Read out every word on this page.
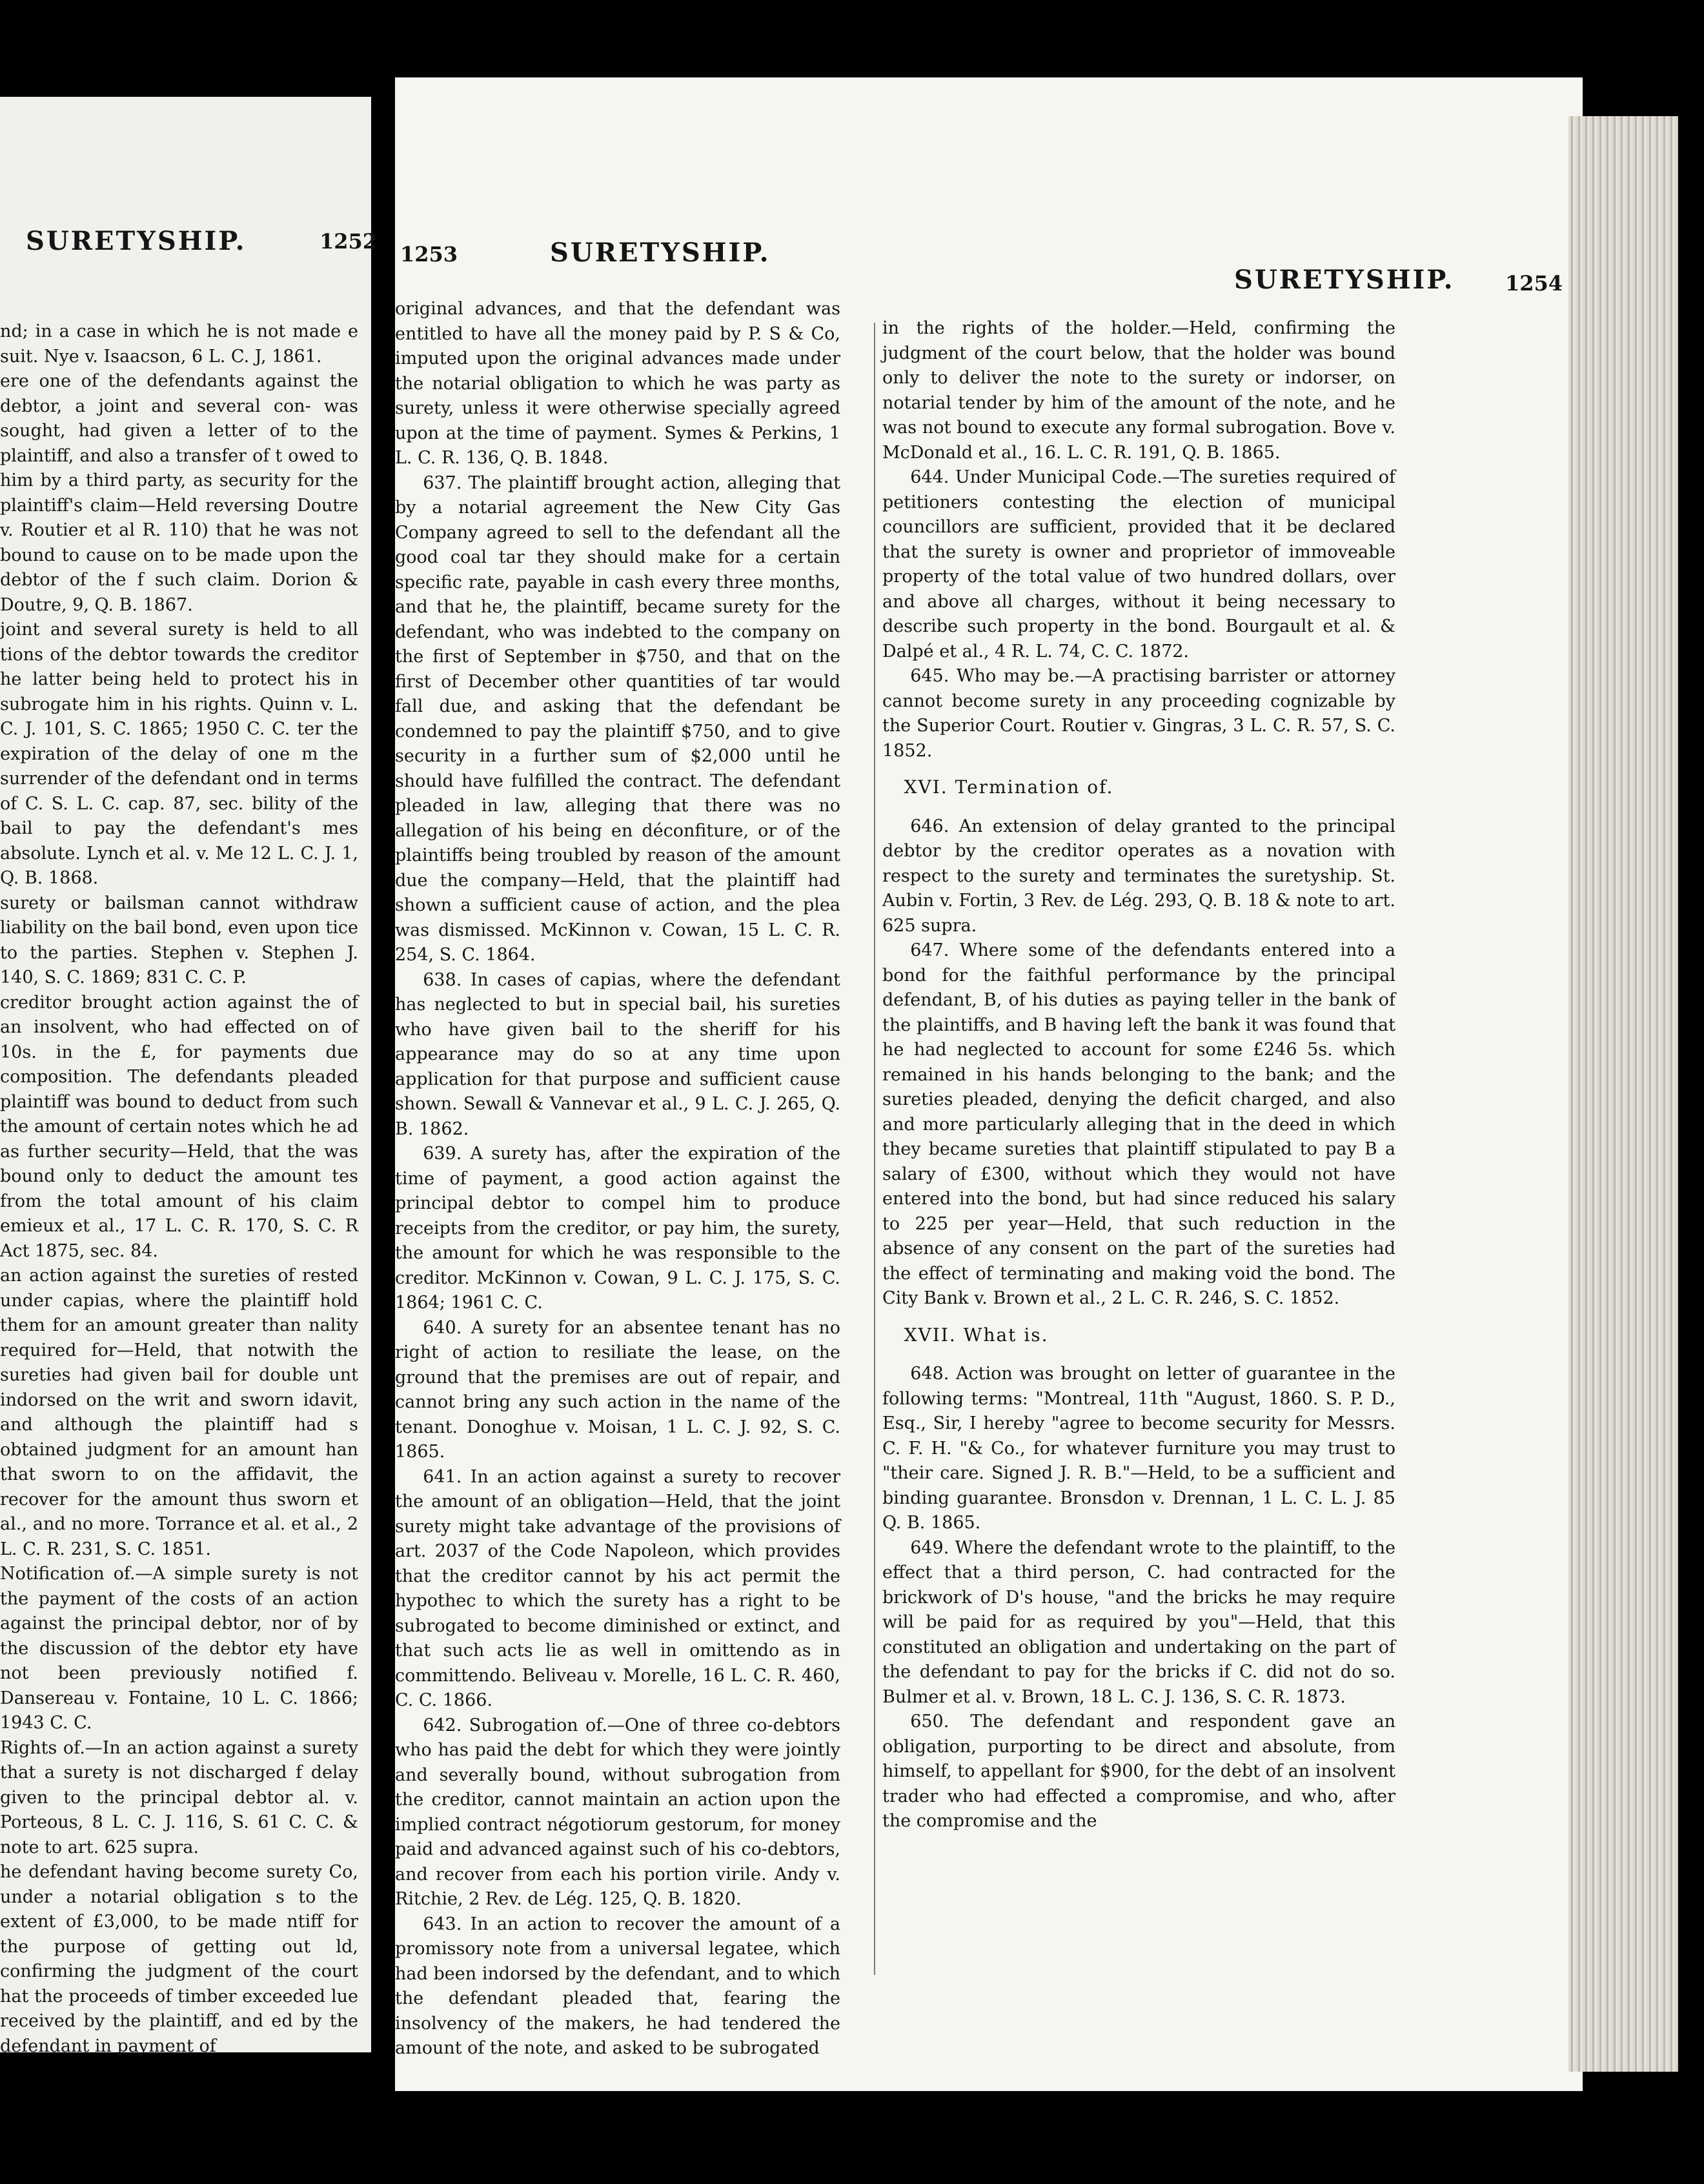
SURETYSHIP.	1252

nd; in a case in which he is not made e suit. Nye v. Isaacson, 6 L. C. J, 1861.

ere one of the defendants against the debtor, a joint and several con- was sought, had given a letter of to the plaintiff, and also a transfer of t owed to him by a third party, as security for the plaintiff's claim—Held reversing Doutre v. Routier et al R. 110) that he was not bound to cause on to be made upon the debtor of the f such claim. Dorion & Doutre, 9, Q. B. 1867.

joint and several surety is held to all tions of the debtor towards the creditor he latter being held to protect his in subrogate him in his rights. Quinn v. L. C. J. 101, S. C. 1865; 1950 C. C. ter the expiration of the delay of one m the surrender of the defendant ond in terms of C. S. L. C. cap. 87, sec. bility of the bail to pay the defendant's mes absolute. Lynch et al. v. Me 12 L. C. J. 1, Q. B. 1868.

surety or bailsman cannot withdraw liability on the bail bond, even upon tice to the parties. Stephen v. Stephen J. 140, S. C. 1869; 831 C. C. P.

creditor brought action against the of an insolvent, who had effected on of 10s. in the £, for payments due composition. The defendants pleaded plaintiff was bound to deduct from such the amount of certain notes which he ad as further security—Held, that the was bound only to deduct the amount tes from the total amount of his claim emieux et al., 17 L. C. R. 170, S. C. R Act 1875, sec. 84.

an action against the sureties of rested under capias, where the plaintiff hold them for an amount greater than nality required for—Held, that notwith the sureties had given bail for double unt indorsed on the writ and sworn idavit, and although the plaintiff had s obtained judgment for an amount han that sworn to on the affidavit, the recover for the amount thus sworn et al., and no more. Torrance et al. et al., 2 L. C. R. 231, S. C. 1851.

Notification of.—A simple surety is not the payment of the costs of an action against the principal debtor, nor of by the discussion of the debtor ety have not been previously notified f. Dansereau v. Fontaine, 10 L. C. 1866; 1943 C. C.

Rights of.—In an action against a surety that a surety is not discharged f delay given to the principal debtor al. v. Porteous, 8 L. C. J. 116, S. 61 C. C. & note to art. 625 supra.

he defendant having become surety Co, under a notarial obligation s to the extent of £3,000, to be made ntiff for the purpose of getting out ld, confirming the judgment of the court hat the proceeds of timber exceeded lue received by the plaintiff, and ed by the defendant in payment of

1253	SURETYSHIP.
SURETYSHIP. 1254

original advances, and that the defendant was entitled to have all the money paid by P. S & Co, imputed upon the original advances made under the notarial obligation to which he was party as surety, unless it were otherwise specially agreed upon at the time of payment. Symes & Perkins, 1 L. C. R. 136, Q. B. 1848.

637. The plaintiff brought action, alleging that by a notarial agreement the New City Gas Company agreed to sell to the defendant all the good coal tar they should make for a certain specific rate, payable in cash every three months, and that he, the plaintiff, became surety for the defendant, who was indebted to the company on the first of September in $750, and that on the first of December other quantities of tar would fall due, and asking that the defendant be condemned to pay the plaintiff $750, and to give security in a further sum of $2,000 until he should have fulfilled the contract. The defendant pleaded in law, alleging that there was no allegation of his being en déconfiture, or of the plaintiffs being troubled by reason of the amount due the company—Held, that the plaintiff had shown a sufficient cause of action, and the plea was dismissed. McKinnon v. Cowan, 15 L. C. R. 254, S. C. 1864.

638. In cases of capias, where the defendant has neglected to but in special bail, his sureties who have given bail to the sheriff for his appearance may do so at any time upon application for that purpose and sufficient cause shown. Sewall & Vannevar et al., 9 L. C. J. 265, Q. B. 1862.

639. A surety has, after the expiration of the time of payment, a good action against the principal debtor to compel him to produce receipts from the creditor, or pay him, the surety, the amount for which he was responsible to the creditor. McKinnon v. Cowan, 9 L. C. J. 175, S. C. 1864; 1961 C. C.

640. A surety for an absentee tenant has no right of action to resiliate the lease, on the ground that the premises are out of repair, and cannot bring any such action in the name of the tenant. Donoghue v. Moisan, 1 L. C. J. 92, S. C. 1865.

641. In an action against a surety to recover the amount of an obligation—Held, that the joint surety might take advantage of the provisions of art. 2037 of the Code Napoleon, which provides that the creditor cannot by his act permit the hypothec to which the surety has a right to be subrogated to become diminished or extinct, and that such acts lie as well in omittendo as in committendo. Beliveau v. Morelle, 16 L. C. R. 460, C. C. 1866.

642. Subrogation of.—One of three co-debtors who has paid the debt for which they were jointly and severally bound, without subrogation from the creditor, cannot maintain an action upon the implied contract négotiorum gestorum, for money paid and advanced against such of his co-debtors, and recover from each his portion virile. Andy v. Ritchie, 2 Rev. de Lég. 125, Q. B. 1820.

643. In an action to recover the amount of a promissory note from a universal legatee, which had been indorsed by the defendant, and to which the defendant pleaded that, fearing the insolvency of the makers, he had tendered the amount of the note, and asked to be subrogated

in the rights of the holder.—Held, confirming the judgment of the court below, that the holder was bound only to deliver the note to the surety or indorser, on notarial tender by him of the amount of the note, and he was not bound to execute any formal subrogation. Bove v. McDonald et al., 16. L. C. R. 191, Q. B. 1865.

644. Under Municipal Code.—The sureties required of petitioners contesting the election of municipal councillors are sufficient, provided that it be declared that the surety is owner and proprietor of immoveable property of the total value of two hundred dollars, over and above all charges, without it being necessary to describe such property in the bond. Bourgault et al. & Dalpé et al., 4 R. L. 74, C. C. 1872.

645. Who may be.—A practising barrister or attorney cannot become surety in any proceeding cognizable by the Superior Court. Routier v. Gingras, 3 L. C. R. 57, S. C. 1852.

XVI. Termination of.

646. An extension of delay granted to the principal debtor by the creditor operates as a novation with respect to the surety and terminates the suretyship. St. Aubin v. Fortin, 3 Rev. de Lég. 293, Q. B. 18 & note to art. 625 supra.

647. Where some of the defendants entered into a bond for the faithful performance by the principal defendant, B, of his duties as paying teller in the bank of the plaintiffs, and B having left the bank it was found that he had neglected to account for some £246 5s. which remained in his hands belonging to the bank; and the sureties pleaded, denying the deficit charged, and also and more particularly alleging that in the deed in which they became sureties that plaintiff stipulated to pay B a salary of £300, without which they would not have entered into the bond, but had since reduced his salary to 225 per year—Held, that such reduction in the absence of any consent on the part of the sureties had the effect of terminating and making void the bond. The City Bank v. Brown et al., 2 L. C. R. 246, S. C. 1852.

XVII. What is.

648. Action was brought on letter of guarantee in the following terms: "Montreal, 11th "August, 1860. S. P. D., Esq., Sir, I hereby "agree to become security for Messrs. C. F. H. "& Co., for whatever furniture you may trust to "their care. Signed J. R. B."—Held, to be a sufficient and binding guarantee. Bronsdon v. Drennan, 1 L. C. L. J. 85 Q. B. 1865.

649. Where the defendant wrote to the plaintiff, to the effect that a third person, C. had contracted for the brickwork of D's house, "and the bricks he may require will be paid for as required by you"—Held, that this constituted an obligation and undertaking on the part of the defendant to pay for the bricks if C. did not do so. Bulmer et al. v. Brown, 18 L. C. J. 136, S. C. R. 1873.

650. The defendant and respondent gave an obligation, purporting to be direct and absolute, from himself, to appellant for $900, for the debt of an insolvent trader who had effected a compromise, and who, after the compromise and the
